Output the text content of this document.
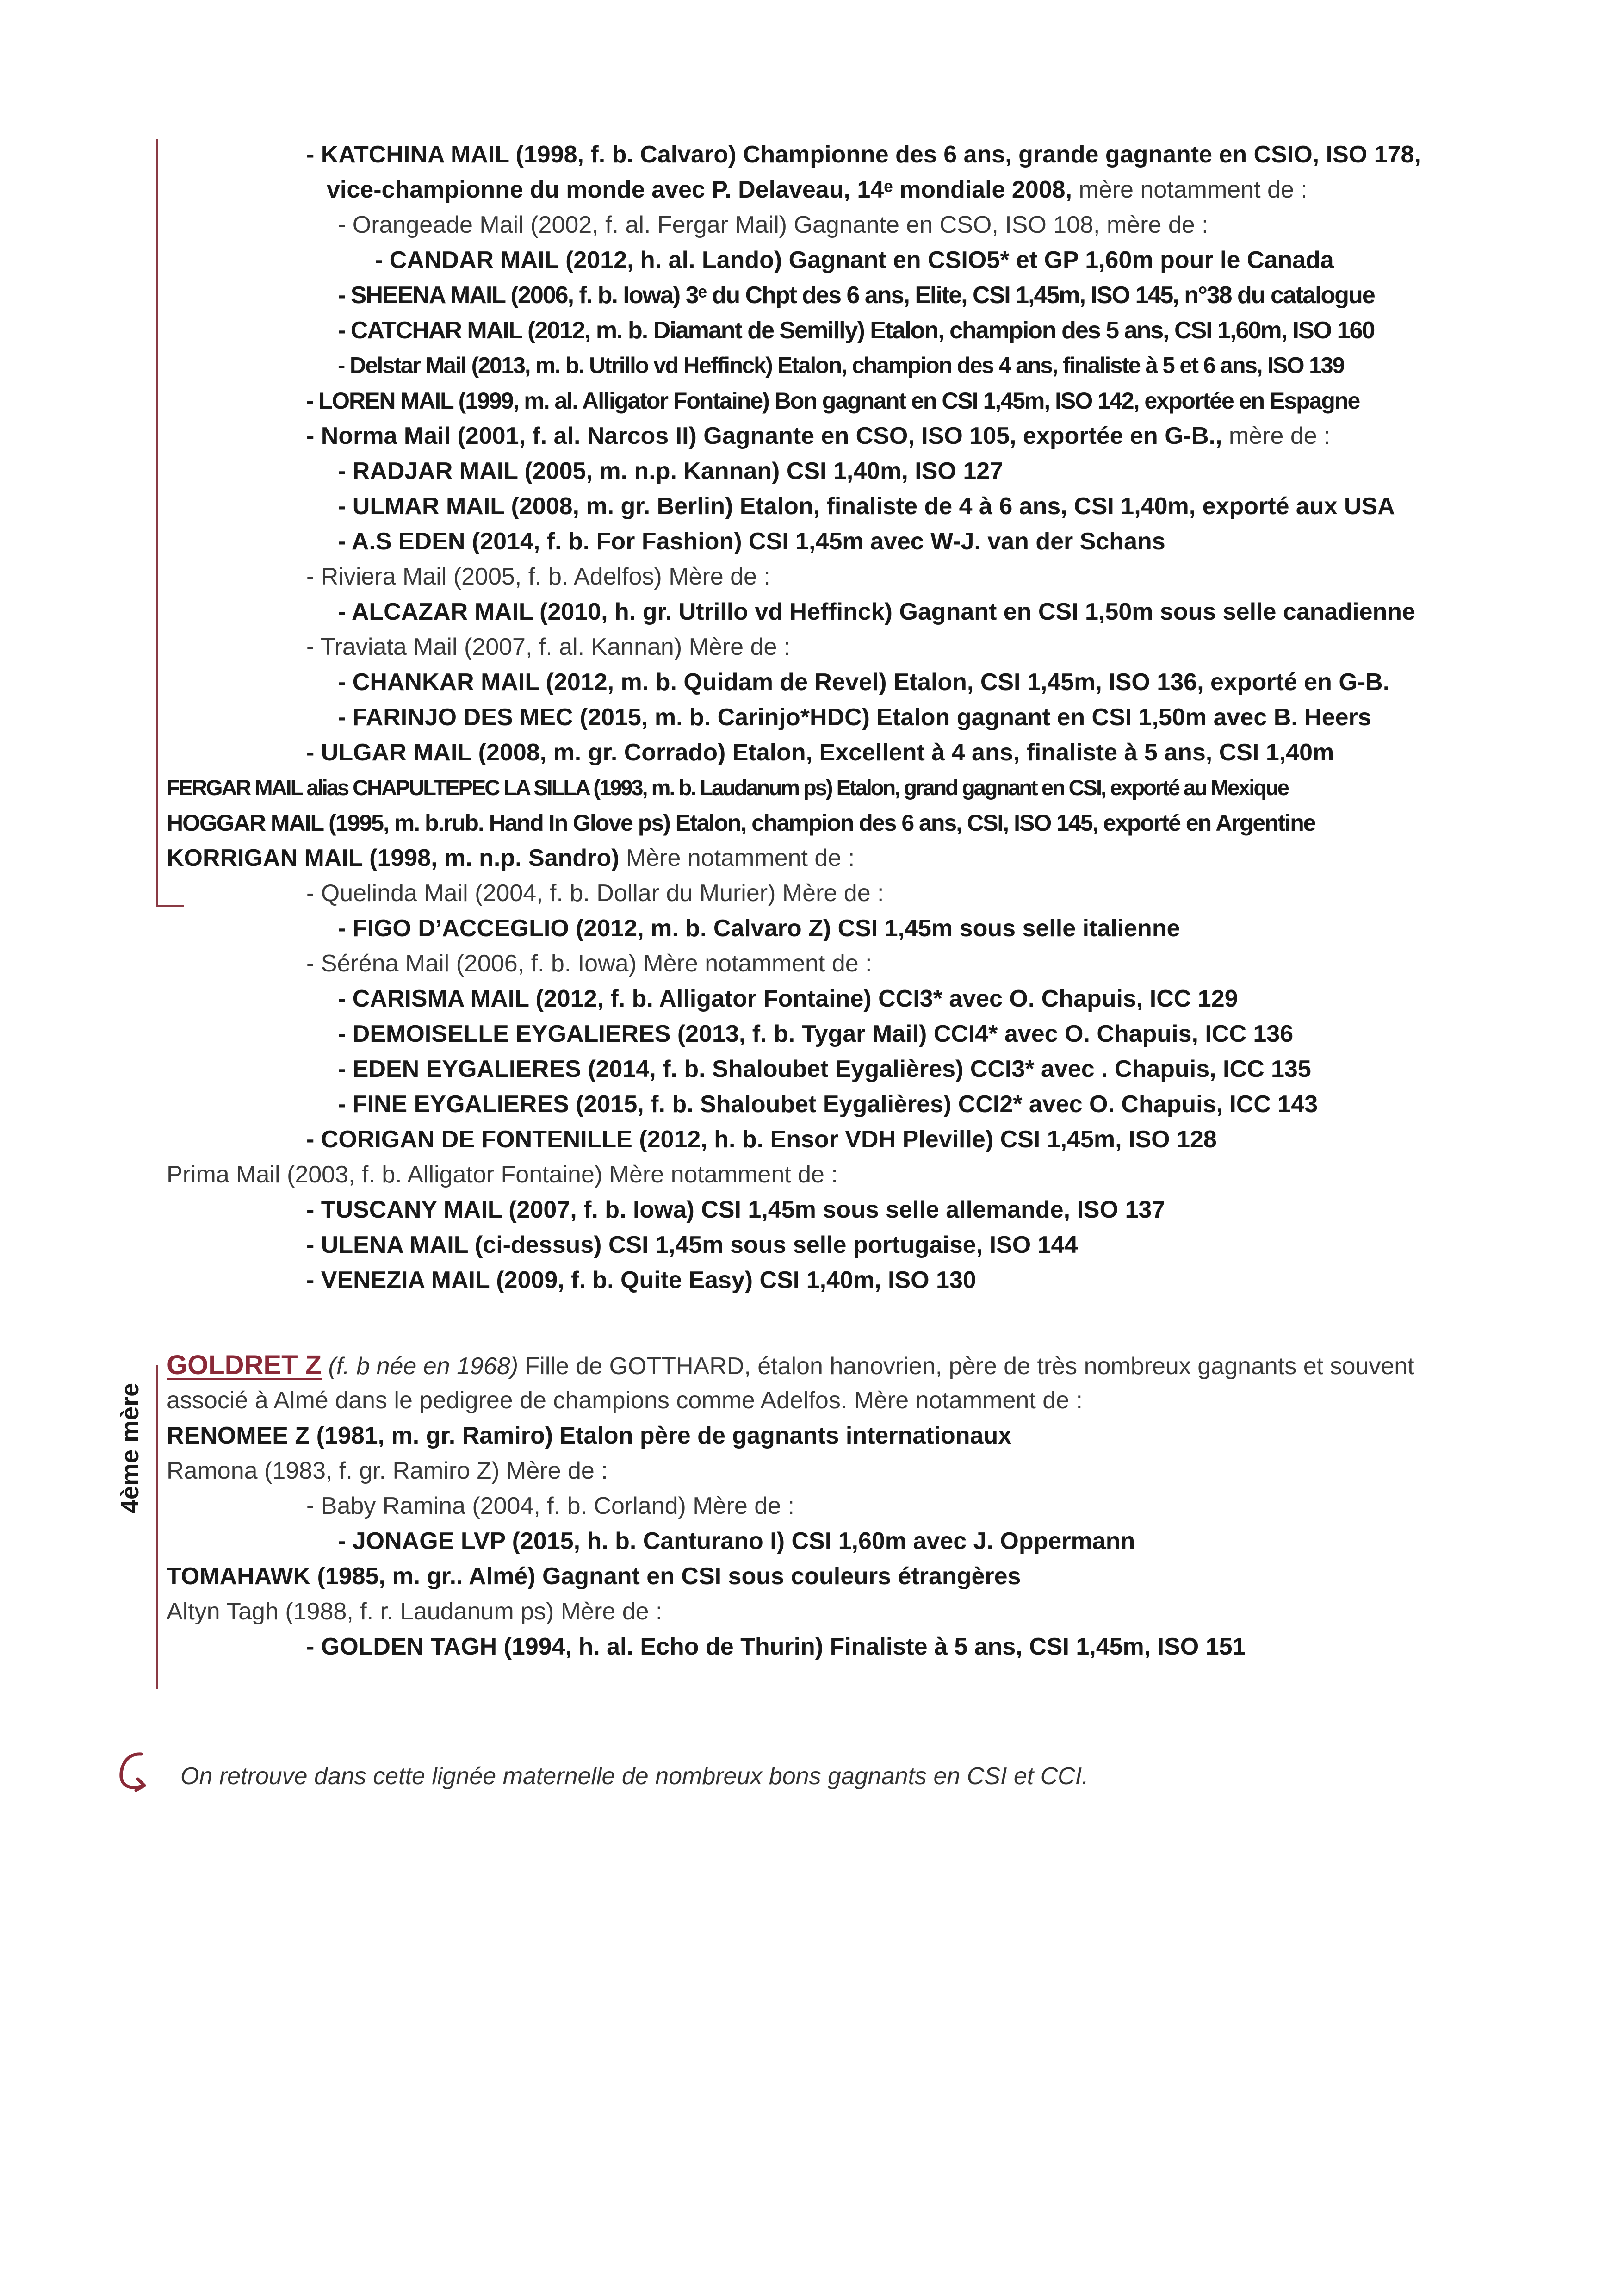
- KATCHINA MAIL (1998, f. b. Calvaro) Championne des 6 ans, grande gagnante en CSIO, ISO 178,

vice-championne du monde avec P. Delaveau, 14ᵉ mondiale 2008, mère notamment de :

- Orangeade Mail (2002, f. al. Fergar Mail) Gagnante en CSO, ISO 108, mère de :

- CANDAR MAIL (2012, h. al. Lando) Gagnant en CSIO5* et GP 1,60m pour le Canada

- SHEENA MAIL (2006, f. b. Iowa) 3ᵉ du Chpt des 6 ans, Elite, CSI 1,45m, ISO 145, n°38 du catalogue

- CATCHAR MAIL (2012, m. b. Diamant de Semilly) Etalon, champion des 5 ans, CSI 1,60m, ISO 160

- Delstar Mail (2013, m. b. Utrillo vd Heffinck) Etalon, champion des 4 ans, finaliste à 5 et 6 ans, ISO 139

- LOREN MAIL (1999, m. al. Alligator Fontaine) Bon gagnant en CSI 1,45m, ISO 142, exportée en Espagne

- Norma Mail (2001, f. al. Narcos II) Gagnante en CSO, ISO 105, exportée en G-B., mère de :

- RADJAR MAIL (2005, m. n.p. Kannan) CSI 1,40m, ISO 127

- ULMAR MAIL (2008, m. gr. Berlin) Etalon, finaliste de 4 à 6 ans, CSI 1,40m, exporté aux USA

- A.S EDEN (2014, f. b. For Fashion) CSI 1,45m avec W-J. van der Schans

- Riviera Mail (2005, f. b. Adelfos) Mère de :

- ALCAZAR MAIL (2010, h. gr. Utrillo vd Heffinck) Gagnant en CSI 1,50m sous selle canadienne

- Traviata Mail (2007, f. al. Kannan) Mère de :

- CHANKAR MAIL (2012, m. b. Quidam de Revel) Etalon, CSI 1,45m, ISO 136, exporté en G-B.

- FARINJO DES MEC (2015, m. b. Carinjo*HDC) Etalon gagnant en CSI 1,50m avec B. Heers

- ULGAR MAIL (2008, m. gr. Corrado) Etalon, Excellent à 4 ans, finaliste à 5 ans, CSI 1,40m

FERGAR MAIL alias CHAPULTEPEC LA SILLA (1993, m. b. Laudanum ps) Etalon, grand gagnant en CSI, exporté au Mexique

HOGGAR MAIL (1995, m. b.rub. Hand In Glove ps) Etalon, champion des 6 ans, CSI, ISO 145, exporté en Argentine

KORRIGAN MAIL (1998, m. n.p. Sandro) Mère notamment de :

- Quelinda Mail (2004, f. b. Dollar du Murier) Mère de :

- FIGO D’ACCEGLIO (2012, m. b. Calvaro Z) CSI 1,45m sous selle italienne

- Séréna Mail (2006, f. b. Iowa) Mère notamment de :

- CARISMA MAIL (2012, f. b. Alligator Fontaine) CCI3* avec O. Chapuis, ICC 129

- DEMOISELLE EYGALIERES (2013, f. b. Tygar Mail) CCI4* avec O. Chapuis, ICC 136

- EDEN EYGALIERES (2014, f. b. Shaloubet Eygalières) CCI3* avec . Chapuis, ICC 135

- FINE EYGALIERES (2015, f. b. Shaloubet Eygalières) CCI2* avec O. Chapuis, ICC 143

- CORIGAN DE FONTENILLE (2012, h. b. Ensor VDH Pleville) CSI 1,45m, ISO 128

Prima Mail (2003, f. b. Alligator Fontaine) Mère notamment de :

- TUSCANY MAIL (2007, f. b. Iowa) CSI 1,45m sous selle allemande, ISO 137

- ULENA MAIL (ci-dessus) CSI 1,45m sous selle portugaise, ISO 144

- VENEZIA MAIL (2009, f. b. Quite Easy) CSI 1,40m, ISO 130

4ème mère

GOLDRET Z (f. b née en 1968) Fille de GOTTHARD, étalon hanovrien, père de très nombreux gagnants et souvent

associé à Almé dans le pedigree de champions comme Adelfos. Mère notamment de :

RENOMEE Z (1981, m. gr. Ramiro) Etalon père de gagnants internationaux

Ramona (1983, f. gr. Ramiro Z) Mère de :

- Baby Ramina (2004, f. b. Corland) Mère de :

- JONAGE LVP (2015, h. b. Canturano I) CSI 1,60m avec J. Oppermann

TOMAHAWK (1985, m. gr.. Almé) Gagnant en CSI sous couleurs étrangères

Altyn Tagh (1988, f. r. Laudanum ps) Mère de :

- GOLDEN TAGH (1994, h. al. Echo de Thurin) Finaliste à 5 ans, CSI 1,45m, ISO 151

On retrouve dans cette lignée maternelle de nombreux bons gagnants en CSI et CCI.
